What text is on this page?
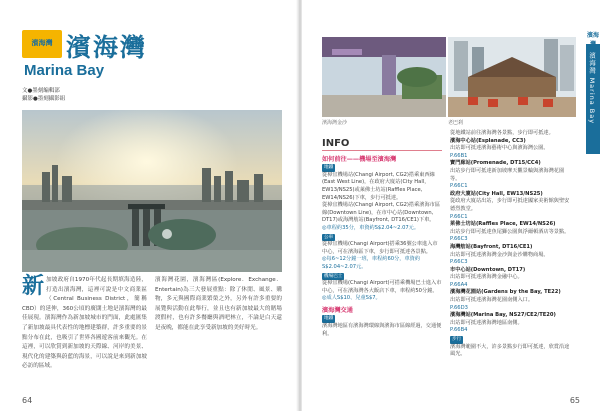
濱海灣 濱海灣
Marina Bay
文●墨刻編輯部
攝影●墨刻攝影組
新 加坡政府自1970年代起長期填海造陸，打造出濱海灣，這裡可說是中文商業區（Central Business District，簡稱CBD）的延伸，360公頃的廣闊土地是濱海灣的最佳展現。濱海灣作為新加坡城市的門面，此處匯集了新加坡最具代表性的地標建築群，許多重要的景點分布在此，也吸引了世界各國遊客前來觀光。在這裡，可以欣賞到新加坡的天際線、河岸的美景、現代化的建築與蔚藍的海景，可以說是來到新加坡必訪的區域。
濱海灣花園，濱海灣區(Explore．Exchange．Entertain)為三大發展重點：除了休閒、風景、購物，多元與國際商業繁榮之外，另外有許多重要的展覽與活動在此舉行，並且也有新加坡最大的賭場渡假村，也有許多餐廳與酒吧林立，不論是白天還是夜晚，都能在此享受新加坡的美好時光。
64
濱海灣金沙	老巴剎
濱海灣
濱海灣 Marina Bay
INFO
如何前往——機場至濱海灣
地鐵
從樟宜機場站(Changi Airport, CG2)搭乘東西線(East West Line)，在政府大廈站(City Hall，EW13/NS25)或萊佛士坊站(Raffles Place, EW14/NS26)下車，步行可抵達。
從樟宜機場站(Changi Airport, CG2)搭乘濱海市區線(Downtown Line)，在市中心站(Downtown, DT17)或海灣舫站(Bayfront, DT16/CE1)下車。
◎車程約35分，車資約S$2.04~2.07元。
公車
從樟宜機場(Changi Airport)搭乘36號公車進入市中心，可在濱海區下車，步行即可抵達各景點。
◎每6~12分鐘一班，車程約60分，車資約S$2.04~2.07元。
機場巴士
從樟宜機場(Changi Airport)可搭乘機場巴士進入市中心，可在濱海灣各大飯店下車，車程約50分鐘。
◎成人S$10、兒童S$7。
濱海灣交通
地鐵
濱海灣地區有濱海灣環線與濱海市區線經過，交通便利。
從地鐵站前往濱海灣各景點，步行即可抵達。
濱海中心站(Esplanade, CC3)
出站即可抵達濱海藝術中心與濱海灣公園。
P.66B1
寶門廊站(Promenade, DT15/CC4)
出站步行即可抵達新加坡摩天觀景輪與濱海灣花園等。
P.66C1
政府大廈站(City Hall, EW13/NS25)
從政府大廈站出站，步行即可抵達國家美術館與聖安德烈教堂。
P.66C1
萊佛士坊站(Raffles Place, EW14/NS26)
出站步行即可抵達魚尾獅公園與浮爾頓酒店等景點。
P.66C3
海灣舫站(Bayfront, DT16/CE1)
出站即可抵達濱海灣金沙與金沙購物商場。
P.66C3
市中心站(Downtown, DT17)
出站即可抵達濱海灣金融中心。
P.66A4
濱海灣花園站(Gardens by the Bay, TE22)
出站即可抵達濱海灣花園南側入口。
P.66D3
濱海灣站(Marina Bay, NS27/CE2/TE20)
出站即可抵達濱海灣地區南側。
P.66B4
步行
濱海灣範圍不大，許多景點步行即可抵達，欣賞沿途風光。
65
